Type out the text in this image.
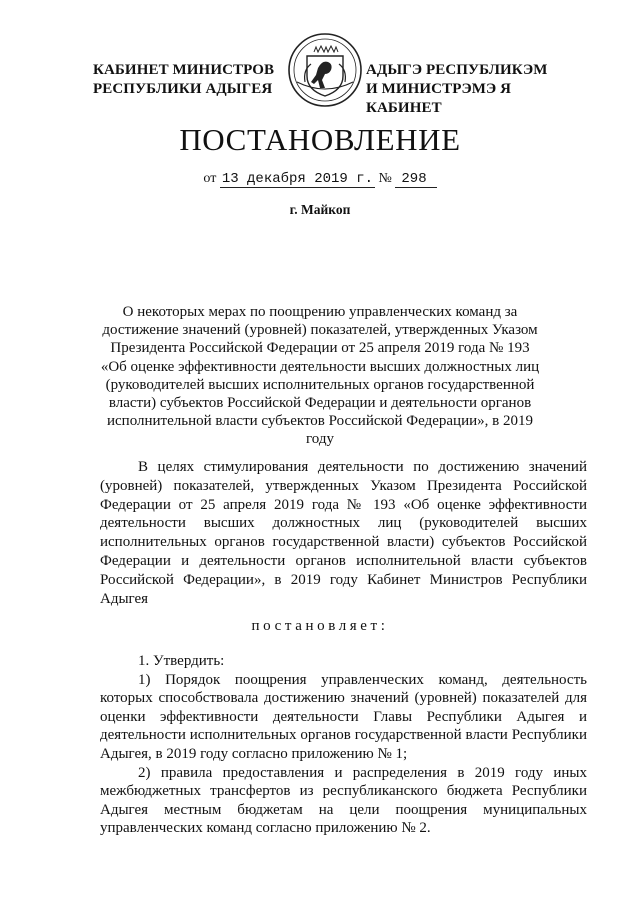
КАБИНЕТ МИНИСТРОВ
РЕСПУБЛИКИ АДЫГЕЯ
АДЫГЭ РЕСПУБЛИКЭМ
И МИНИСТРЭМЭ Я КАБИНЕТ
ПОСТАНОВЛЕНИЕ
от 13 декабря 2019 г. № 298
г. Майкоп
О некоторых мерах по поощрению управленческих команд за достижение значений (уровней) показателей, утвержденных Указом Президента Российской Федерации от 25 апреля 2019 года № 193 «Об оценке эффективности деятельности высших должностных лиц (руководителей высших исполнительных органов государственной власти) субъектов Российской Федерации и деятельности органов исполнительной власти субъектов Российской Федерации», в 2019 году

В целях стимулирования деятельности по достижению значений (уровней) показателей, утвержденных Указом Президента Российской Федерации от 25 апреля 2019 года № 193 «Об оценке эффективности деятельности высших должностных лиц (руководителей высших исполнительных органов государственной власти) субъектов Российской Федерации и деятельности органов исполнительной власти субъектов Российской Федерации», в 2019 году Кабинет Министров Республики Адыгея

постановляет:

1. Утвердить:

1) Порядок поощрения управленческих команд, деятельность которых способствовала достижению значений (уровней) показателей для оценки эффективности деятельности Главы Республики Адыгея и деятельности исполнительных органов государственной власти Республики Адыгея, в 2019 году согласно приложению № 1;

2) правила предоставления и распределения в 2019 году иных межбюджетных трансфертов из республиканского бюджета Республики Адыгея местным бюджетам на цели поощрения муниципальных управленческих команд согласно приложению № 2.
